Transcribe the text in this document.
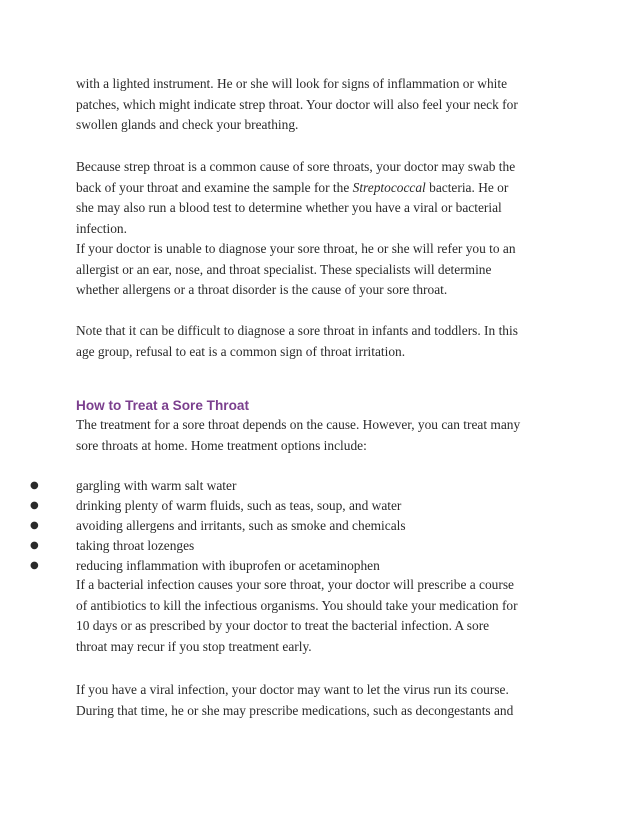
with a lighted instrument. He or she will look for signs of inflammation or white

patches, which might indicate strep throat. Your doctor will also feel your neck for

swollen glands and check your breathing.

Because strep throat is a common cause of sore throats, your doctor may swab the

back of your throat and examine the sample for the Streptococcal bacteria. He or

she may also run a blood test to determine whether you have a viral or bacterial

infection.

If your doctor is unable to diagnose your sore throat, he or she will refer you to an

allergist or an ear, nose, and throat specialist. These specialists will determine

whether allergens or a throat disorder is the cause of your sore throat.

Note that it can be difficult to diagnose a sore throat in infants and toddlers. In this

age group, refusal to eat is a common sign of throat irritation.

How to Treat a Sore Throat

The treatment for a sore throat depends on the cause. However, you can treat many

sore throats at home. Home treatment options include:

●	gargling with warm salt water
●	drinking plenty of warm fluids, such as teas, soup, and water
●	avoiding allergens and irritants, such as smoke and chemicals
●	taking throat lozenges
●	reducing inflammation with ibuprofen or acetaminophen

If a bacterial infection causes your sore throat, your doctor will prescribe a course

of antibiotics to kill the infectious organisms. You should take your medication for

10 days or as prescribed by your doctor to treat the bacterial infection. A sore

throat may recur if you stop treatment early.

If you have a viral infection, your doctor may want to let the virus run its course.

During that time, he or she may prescribe medications, such as decongestants and
